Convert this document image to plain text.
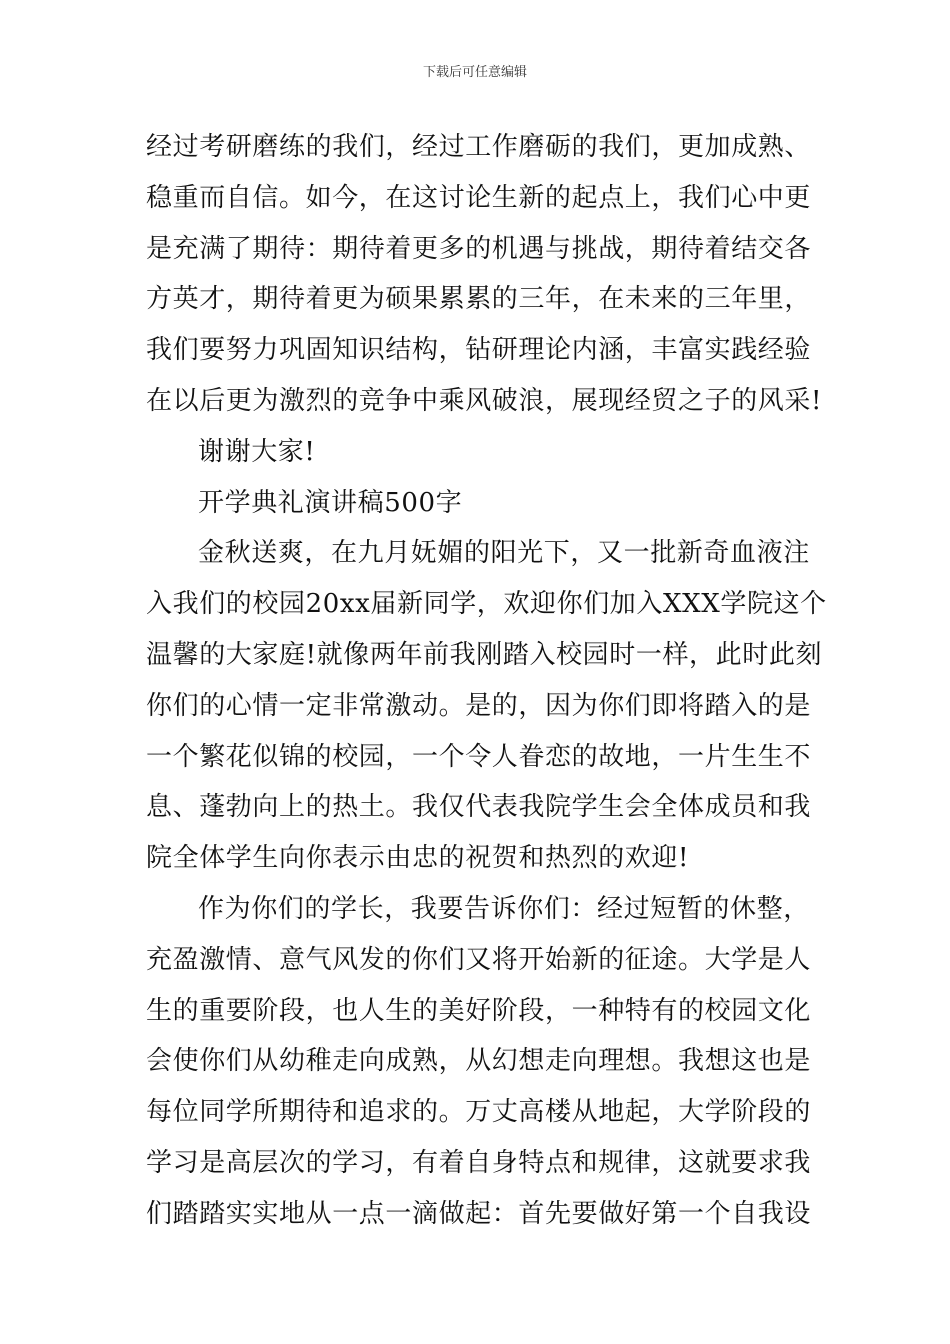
下载后可任意编辑
经过考研磨练的我们，经过工作磨砺的我们，更加成熟、
稳重而自信。如今，在这讨论生新的起点上，我们心中更
是充满了期待：期待着更多的机遇与挑战，期待着结交各
方英才，期待着更为硕果累累的三年，在未来的三年里，
我们要努力巩固知识结构，钻研理论内涵，丰富实践经验
在以后更为激烈的竞争中乘风破浪，展现经贸之子的风采!
谢谢大家!
开学典礼演讲稿500字
金秋送爽，在九月妩媚的阳光下，又一批新奇血液注
入我们的校园20xx届新同学，欢迎你们加入XXX学院这个
温馨的大家庭!就像两年前我刚踏入校园时一样，此时此刻
你们的心情一定非常激动。是的，因为你们即将踏入的是
一个繁花似锦的校园，一个令人眷恋的故地，一片生生不
息、蓬勃向上的热土。我仅代表我院学生会全体成员和我
院全体学生向你表示由忠的祝贺和热烈的欢迎!
作为你们的学长，我要告诉你们：经过短暂的休整，
充盈激情、意气风发的你们又将开始新的征途。大学是人
生的重要阶段，也人生的美好阶段，一种特有的校园文化
会使你们从幼稚走向成熟，从幻想走向理想。我想这也是
每位同学所期待和追求的。万丈高楼从地起，大学阶段的
学习是高层次的学习，有着自身特点和规律，这就要求我
们踏踏实实地从一点一滴做起：首先要做好第一个自我设
